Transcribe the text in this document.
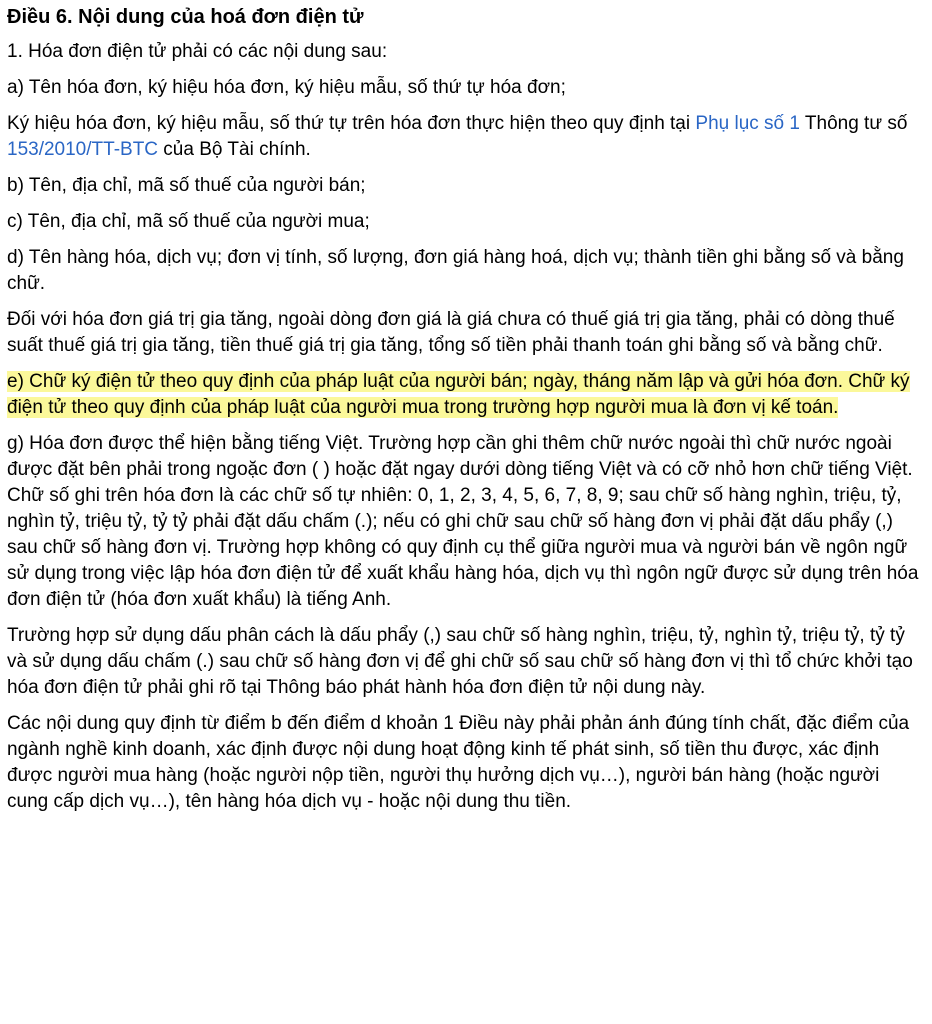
Điều 6. Nội dung của hoá đơn điện tử

1. Hóa đơn điện tử phải có các nội dung sau:

a) Tên hóa đơn, ký hiệu hóa đơn, ký hiệu mẫu, số thứ tự hóa đơn;

Ký hiệu hóa đơn, ký hiệu mẫu, số thứ tự trên hóa đơn thực hiện theo quy định tại Phụ lục số 1 Thông tư số 153/2010/TT-BTC của Bộ Tài chính.

b) Tên, địa chỉ, mã số thuế của người bán;

c) Tên, địa chỉ, mã số thuế của người mua;

d) Tên hàng hóa, dịch vụ; đơn vị tính, số lượng, đơn giá hàng hoá, dịch vụ; thành tiền ghi bằng số và bằng chữ.

Đối với hóa đơn giá trị gia tăng, ngoài dòng đơn giá là giá chưa có thuế giá trị gia tăng, phải có dòng thuế suất thuế giá trị gia tăng, tiền thuế giá trị gia tăng, tổng số tiền phải thanh toán ghi bằng số và bằng chữ.

e) Chữ ký điện tử theo quy định của pháp luật của người bán; ngày, tháng năm lập và gửi hóa đơn. Chữ ký điện tử theo quy định của pháp luật của người mua trong trường hợp người mua là đơn vị kế toán.

g) Hóa đơn được thể hiện bằng tiếng Việt. Trường hợp cần ghi thêm chữ nước ngoài thì chữ nước ngoài được đặt bên phải trong ngoặc đơn ( ) hoặc đặt ngay dưới dòng tiếng Việt và có cỡ nhỏ hơn chữ tiếng Việt. Chữ số ghi trên hóa đơn là các chữ số tự nhiên: 0, 1, 2, 3, 4, 5, 6, 7, 8, 9; sau chữ số hàng nghìn, triệu, tỷ, nghìn tỷ, triệu tỷ, tỷ tỷ phải đặt dấu chấm (.); nếu có ghi chữ sau chữ số hàng đơn vị phải đặt dấu phẩy (,) sau chữ số hàng đơn vị. Trường hợp không có quy định cụ thể giữa người mua và người bán về ngôn ngữ sử dụng trong việc lập hóa đơn điện tử để xuất khẩu hàng hóa, dịch vụ thì ngôn ngữ được sử dụng trên hóa đơn điện tử (hóa đơn xuất khẩu) là tiếng Anh.

Trường hợp sử dụng dấu phân cách là dấu phẩy (,) sau chữ số hàng nghìn, triệu, tỷ, nghìn tỷ, triệu tỷ, tỷ tỷ và sử dụng dấu chấm (.) sau chữ số hàng đơn vị để ghi chữ số sau chữ số hàng đơn vị thì tổ chức khởi tạo hóa đơn điện tử phải ghi rõ tại Thông báo phát hành hóa đơn điện tử nội dung này.

Các nội dung quy định từ điểm b đến điểm d khoản 1 Điều này phải phản ánh đúng tính chất, đặc điểm của ngành nghề kinh doanh, xác định được nội dung hoạt động kinh tế phát sinh, số tiền thu được, xác định được người mua hàng (hoặc người nộp tiền, người thụ hưởng dịch vụ…), người bán hàng (hoặc người cung cấp dịch vụ…), tên hàng hóa dịch vụ - hoặc nội dung thu tiền.
